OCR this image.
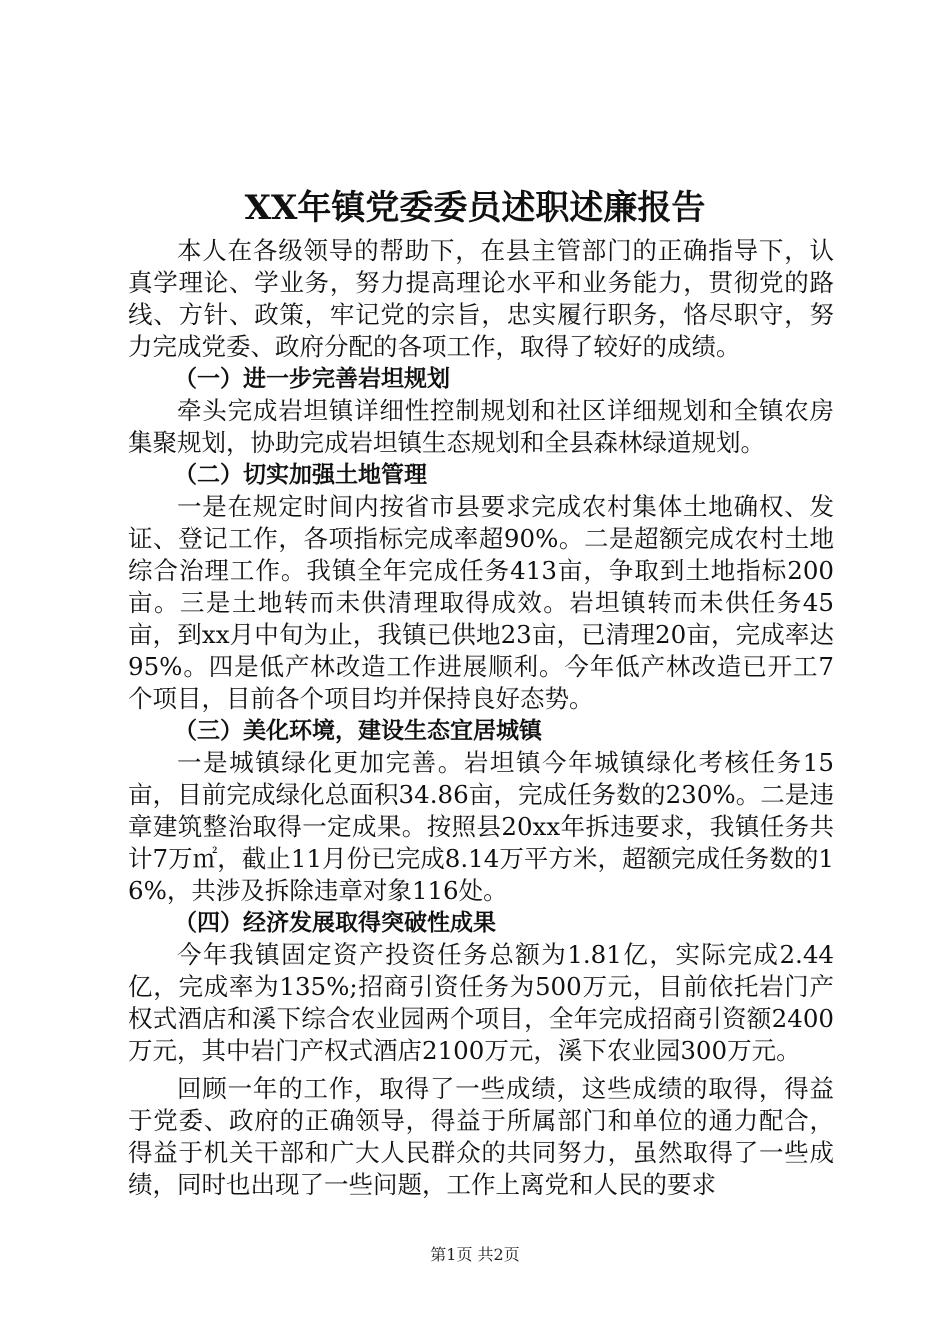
XX年镇党委委员述职述廉报告

本人在各级领导的帮助下，在县主管部门的正确指导下，认真学理论、学业务，努力提高理论水平和业务能力，贯彻党的路线、方针、政策，牢记党的宗旨，忠实履行职务，恪尽职守，努力完成党委、政府分配的各项工作，取得了较好的成绩。

（一）进一步完善岩坦规划

牵头完成岩坦镇详细性控制规划和社区详细规划和全镇农房集聚规划，协助完成岩坦镇生态规划和全县森林绿道规划。

（二）切实加强土地管理

一是在规定时间内按省市县要求完成农村集体土地确权、发证、登记工作，各项指标完成率超90%。二是超额完成农村土地综合治理工作。我镇全年完成任务413亩，争取到土地指标200亩。三是土地转而未供清理取得成效。岩坦镇转而未供任务45亩，到xx月中旬为止，我镇已供地23亩，已清理20亩，完成率达95%。四是低产林改造工作进展顺利。今年低产林改造已开工7个项目，目前各个项目均并保持良好态势。

（三）美化环境，建设生态宜居城镇

一是城镇绿化更加完善。岩坦镇今年城镇绿化考核任务15亩，目前完成绿化总面积34.86亩，完成任务数的230%。二是违章建筑整治取得一定成果。按照县20xx年拆违要求，我镇任务共计7万㎡，截止11月份已完成8.14万平方米，超额完成任务数的16%，共涉及拆除违章对象116处。

（四）经济发展取得突破性成果

今年我镇固定资产投资任务总额为1.81亿，实际完成2.44亿，完成率为135%;招商引资任务为500万元，目前依托岩门产权式酒店和溪下综合农业园两个项目，全年完成招商引资额2400万元，其中岩门产权式酒店2100万元，溪下农业园300万元。

回顾一年的工作，取得了一些成绩，这些成绩的取得，得益于党委、政府的正确领导，得益于所属部门和单位的通力配合，得益于机关干部和广大人民群众的共同努力，虽然取得了一些成绩，同时也出现了一些问题，工作上离党和人民的要求

第1页 共2页
